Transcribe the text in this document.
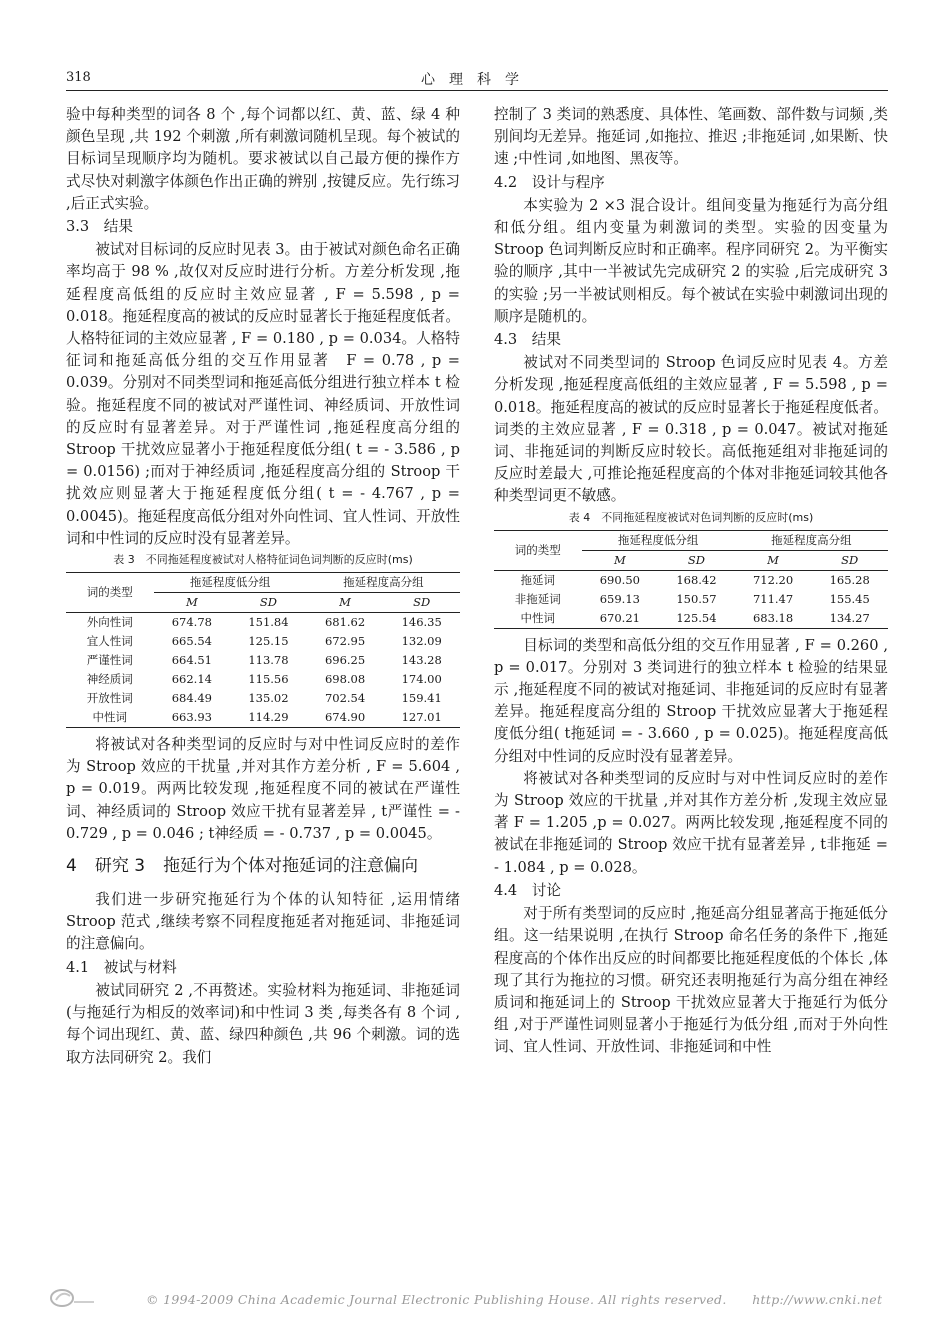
318	心理科学

验中每种类型的词各 8 个 ,每个词都以红、黄、蓝、绿 4 种颜色呈现 ,共 192 个刺激 ,所有刺激词随机呈现。每个被试的目标词呈现顺序均为随机。要求被试以自己最方便的操作方式尽快对刺激字体颜色作出正确的辨别 ,按键反应。先行练习 ,后正式实验。

3.3　结果

被试对目标词的反应时见表 3。由于被试对颜色命名正确率均高于 98 % ,故仅对反应时进行分析。方差分析发现 ,拖延程度高低组的反应时主效应显著 , F = 5.598 , p = 0.018。拖延程度高的被试的反应时显著长于拖延程度低者。人格特征词的主效应显著 , F = 0.180 , p = 0.034。人格特征词和拖延高低分组的交互作用显著　F = 0.78 , p = 0.039。分别对不同类型词和拖延高低分组进行独立样本 t 检验。拖延程度不同的被试对严谨性词、神经质词、开放性词的反应时有显著差异。对于严谨性词 ,拖延程度高分组的 Stroop 干扰效应显著小于拖延程度低分组( t = - 3.586 , p = 0.0156) ;而对于神经质词 ,拖延程度高分组的 Stroop 干扰效应则显著大于拖延程度低分组( t = - 4.767 , p = 0.0045)。拖延程度高低分组对外向性词、宜人性词、开放性词和中性词的反应时没有显著差异。

表 3　不同拖延程度被试对人格特征词色词判断的反应时(ms)
词的类型	拖延程度低分组		拖延程度高分组	
	M	SD	M	SD
外向性词	674.78	151.84	681.62	146.35
宜人性词	665.54	125.15	672.95	132.09
严谨性词	664.51	113.78	696.25	143.28
神经质词	662.14	115.56	698.08	174.00
开放性词	684.49	135.02	702.54	159.41
中性词	663.93	114.29	674.90	127.01

将被试对各种类型词的反应时与对中性词反应时的差作为 Stroop 效应的干扰量 ,并对其作方差分析 , F = 5.604 , p = 0.019。两两比较发现 ,拖延程度不同的被试在严谨性词、神经质词的 Stroop 效应干扰有显著差异 , t严谨性 = - 0.729 , p = 0.046 ; t神经质 = - 0.737 , p = 0.0045。

4 研究 3 拖延行为个体对拖延词的注意偏向

我们进一步研究拖延行为个体的认知特征 ,运用情绪 Stroop 范式 ,继续考察不同程度拖延者对拖延词、非拖延词的注意偏向。

4.1　被试与材料

被试同研究 2 ,不再赘述。实验材料为拖延词、非拖延词(与拖延行为相反的效率词)和中性词 3 类 ,每类各有 8 个词 ,每个词出现红、黄、蓝、绿四种颜色 ,共 96 个刺激。词的选取方法同研究 2。我们

控制了 3 类词的熟悉度、具体性、笔画数、部件数与词频 ,类别间均无差异。拖延词 ,如拖拉、推迟 ;非拖延词 ,如果断、快速 ;中性词 ,如地图、黑夜等。

4.2　设计与程序

本实验为 2 ×3 混合设计。组间变量为拖延行为高分组和低分组。组内变量为刺激词的类型。实验的因变量为 Stroop 色词判断反应时和正确率。程序同研究 2。为平衡实验的顺序 ,其中一半被试先完成研究 2 的实验 ,后完成研究 3 的实验 ;另一半被试则相反。每个被试在实验中刺激词出现的顺序是随机的。

4.3　结果

被试对不同类型词的 Stroop 色词反应时见表 4。方差分析发现 ,拖延程度高低组的主效应显著 , F = 5.598 , p = 0.018。拖延程度高的被试的反应时显著长于拖延程度低者。词类的主效应显著 , F = 0.318 , p = 0.047。被试对拖延词、非拖延词的判断反应时较长。高低拖延组对非拖延词的反应时差最大 ,可推论拖延程度高的个体对非拖延词较其他各种类型词更不敏感。

表 4　不同拖延程度被试对色词判断的反应时(ms)
词的类型	拖延程度低分组		拖延程度高分组	
	M	SD	M	SD
拖延词	690.50	168.42	712.20	165.28
非拖延词	659.13	150.57	711.47	155.45
中性词	670.21	125.54	683.18	134.27

目标词的类型和高低分组的交互作用显著 , F = 0.260 , p = 0.017。分别对 3 类词进行的独立样本 t 检验的结果显示 ,拖延程度不同的被试对拖延词、非拖延词的反应时有显著差异。拖延程度高分组的 Stroop 干扰效应显著大于拖延程度低分组( t拖延词 = - 3.660 , p = 0.025)。拖延程度高低分组对中性词的反应时没有显著差异。

将被试对各种类型词的反应时与对中性词反应时的差作为 Stroop 效应的干扰量 ,并对其作方差分析 ,发现主效应显著 F = 1.205 ,p = 0.027。两两比较发现 ,拖延程度不同的被试在非拖延词的 Stroop 效应干扰有显著差异 , t非拖延 = - 1.084 , p = 0.028。

4.4　讨论

对于所有类型词的反应时 ,拖延高分组显著高于拖延低分组。这一结果说明 ,在执行 Stroop 命名任务的条件下 ,拖延程度高的个体作出反应的时间都要比拖延程度低的个体长 ,体现了其行为拖拉的习惯。研究还表明拖延行为高分组在神经质词和拖延词上的 Stroop 干扰效应显著大于拖延行为低分组 ,对于严谨性词则显著小于拖延行为低分组 ,而对于外向性词、宜人性词、开放性词、非拖延词和中性

© 1994-2009 China Academic Journal Electronic Publishing House. All rights reserved.　　http://www.cnki.net
